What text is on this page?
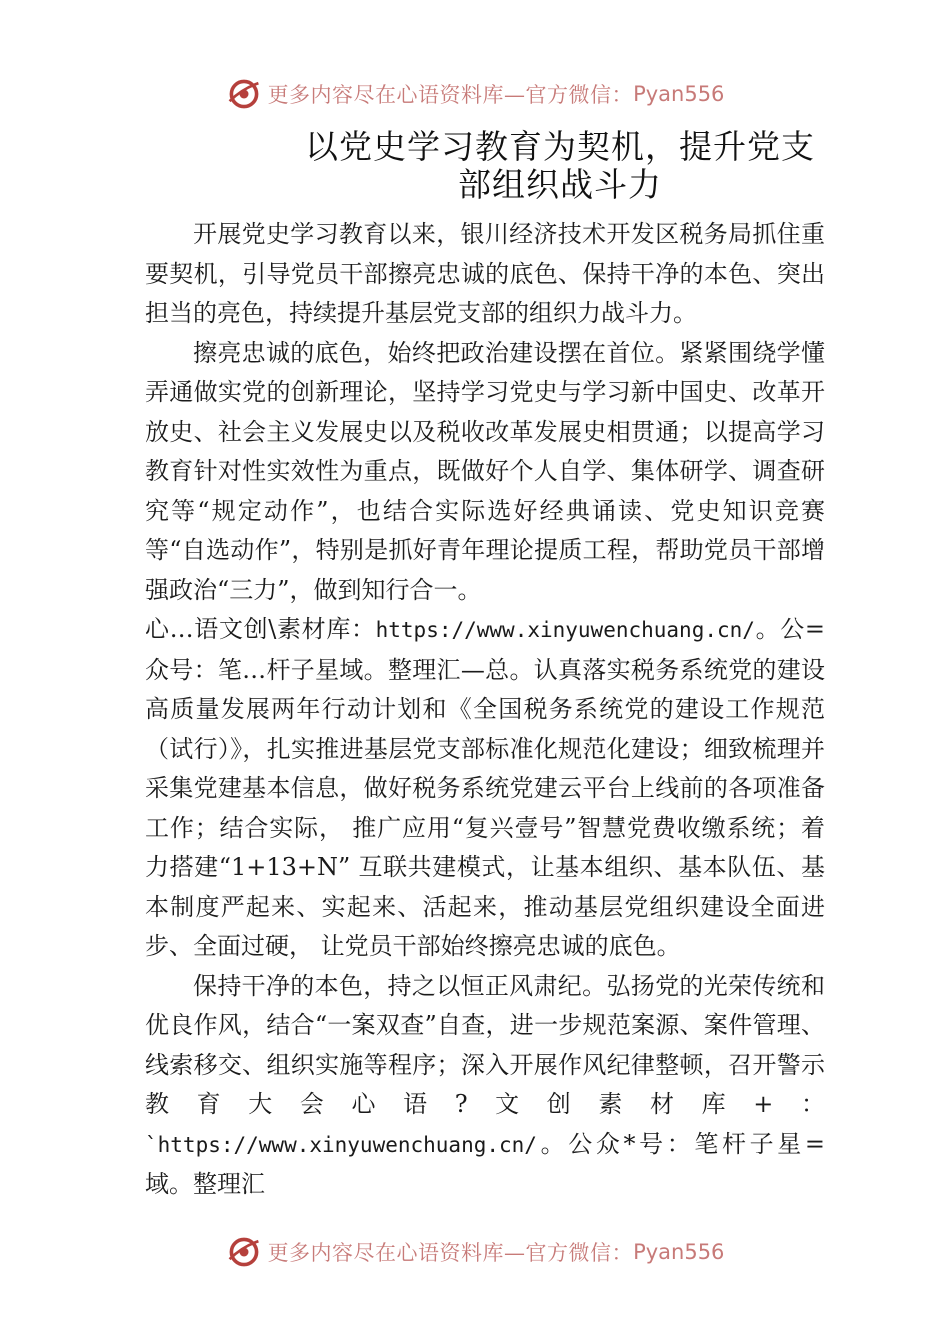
更多内容尽在心语资料库—官方微信： Pyan556
以党史学习教育为契机，提升党支
部组织战斗力

开展党史学习教育以来，银川经济技术开发区税务局抓住重要契机，引导党员干部擦亮忠诚的底色、保持干净的本色、突出担当的亮色，持续提升基层党支部的组织力战斗力。

擦亮忠诚的底色，始终把政治建设摆在首位。紧紧围绕学懂弄通做实党的创新理论，坚持学习党史与学习新中国史、改革开放史、社会主义发展史以及税收改革发展史相贯通；以提高学习教育针对性实效性为重点，既做好个人自学、集体研学、调查研究等“规定动作”，也结合实际选好经典诵读、党史知识竞赛等“自选动作”，特别是抓好青年理论提质工程，帮助党员干部增强政治“三力”，做到知行合一。

心…语文创\素材库：https://www.xinyuwenchuang.cn/。公=众号：笔…杆子星域。整理汇—总。认真落实税务系统党的建设高质量发展两年行动计划和《全国税务系统党的建设工作规范（试行）》，扎实推进基层党支部标准化规范化建设；细致梳理并采集党建基本信息，做好税务系统党建云平台上线前的各项准备工作；结合实际， 推广应用“复兴壹号”智慧党费收缴系统；着力搭建“1+13+N” 互联共建模式，让基本组织、基本队伍、基本制度严起来、实起来、活起来，推动基层党组织建设全面进步、全面过硬， 让党员干部始终擦亮忠诚的底色。

保持干净的本色，持之以恒正风肃纪。弘扬党的光荣传统和优良作风，结合“一案双查”自查，进一步规范案源、案件管理、线索移交、组织实施等程序；深入开展作风纪律整顿，召开警示教育大会心语?文创素材库+：`https://www.xinyuwenchuang.cn/。公众*号：笔杆子星=域。整理汇

更多内容尽在心语资料库—官方微信： Pyan556
